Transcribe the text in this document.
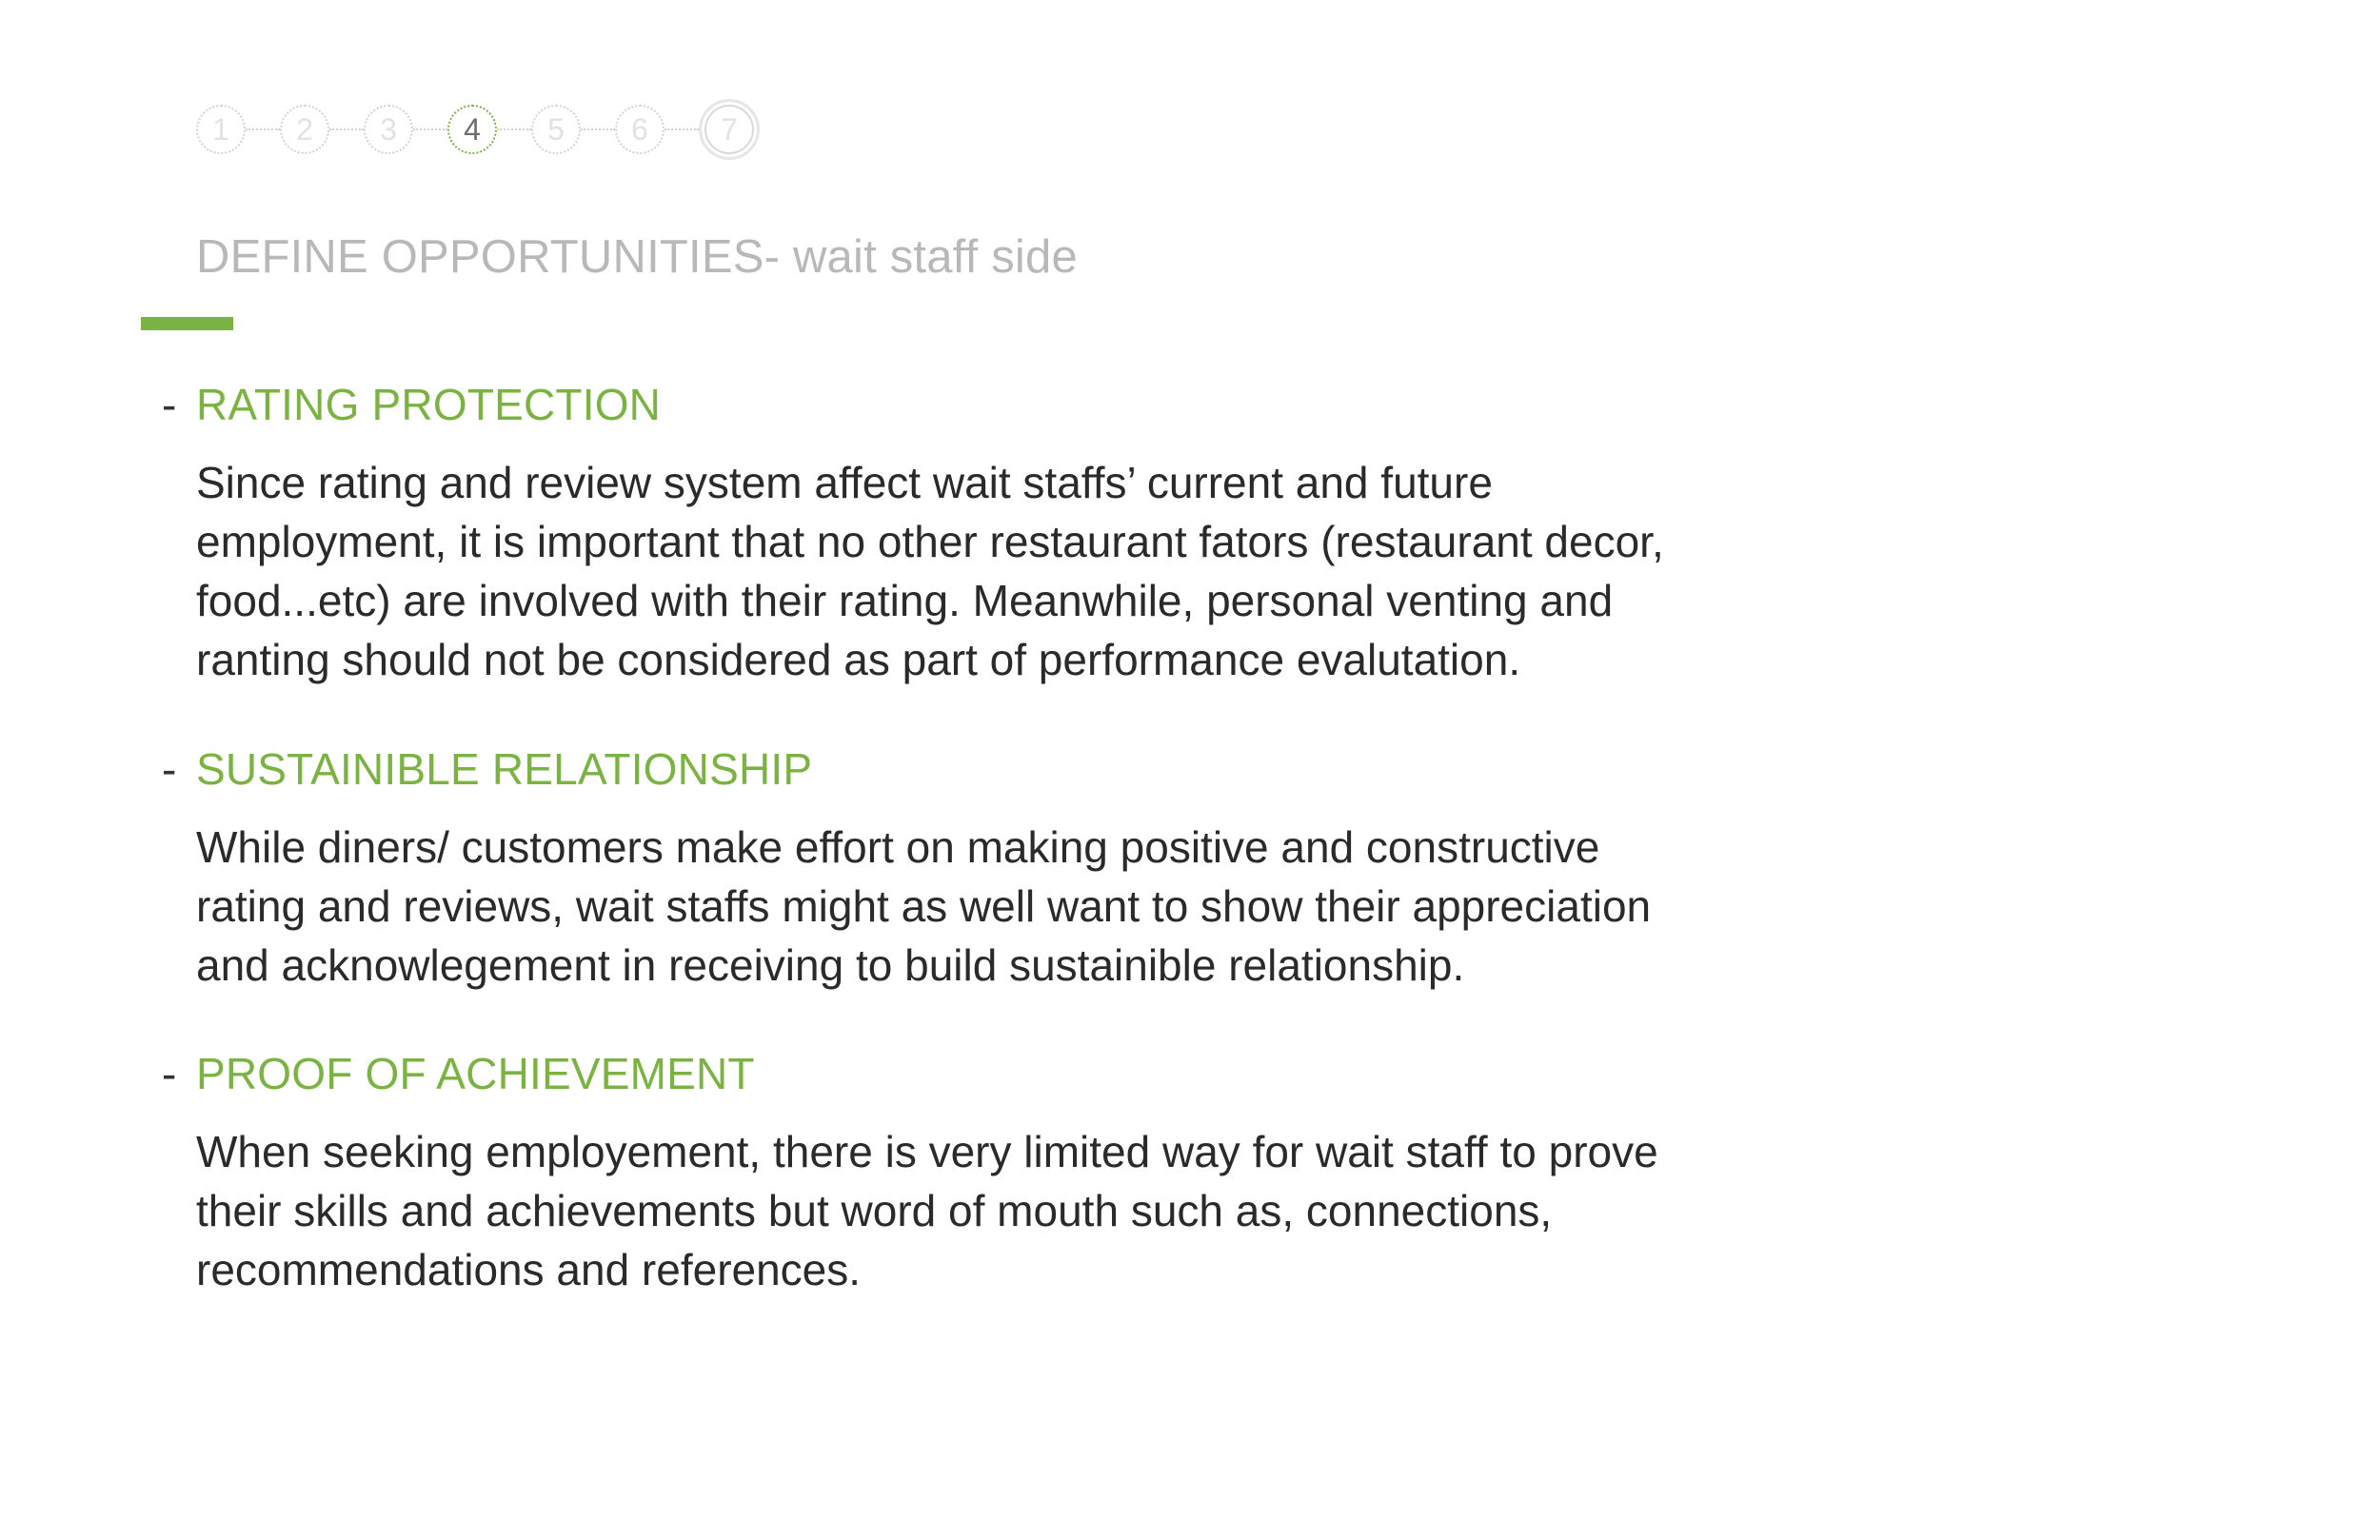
1	2	3	4	5	6	7
DEFINE OPPORTUNITIES- wait staff side
- RATING PROTECTION
Since rating and review system affect wait staffs’ current and future
employment, it is important that no other restaurant fators (restaurant decor,
food...etc) are involved with their rating. Meanwhile, personal venting and
ranting should not be considered as part of performance evalutation.
- SUSTAINIBLE RELATIONSHIP
While diners/ customers make effort on making positive and constructive
rating and reviews, wait staffs might as well want to show their appreciation
and acknowlegement in receiving to build sustainible relationship.
- PROOF OF ACHIEVEMENT
When seeking employement, there is very limited way for wait staff to prove
their skills and achievements but word of mouth such as, connections,
recommendations and references.
